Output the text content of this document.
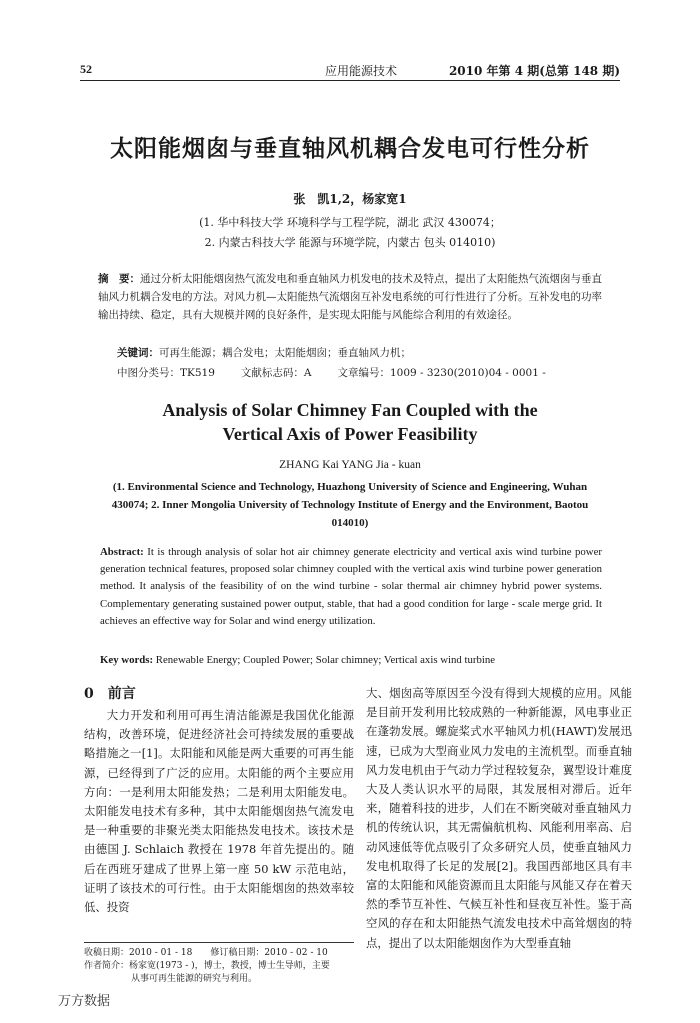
52	应用能源技术	2010 年第 4 期(总第 148 期)
太阳能烟囱与垂直轴风机耦合发电可行性分析
张　凯1,2，杨家宽1
(1. 华中科技大学 环境科学与工程学院，湖北 武汉 430074；
2. 内蒙古科技大学 能源与环境学院，内蒙古 包头 014010)
摘　要：通过分析太阳能烟囱热气流发电和垂直轴风力机发电的技术及特点，提出了太阳能热气流烟囱与垂直轴风力机耦合发电的方法。对风力机—太阳能热气流烟囱互补发电系统的可行性进行了分析。互补发电的功率输出持续、稳定，具有大规模并网的良好条件，是实现太阳能与风能综合利用的有效途径。
关键词：可再生能源；耦合发电；太阳能烟囱；垂直轴风力机；
中图分类号：TK519 文献标志码：A 文章编号：1009 - 3230(2010)04 - 0001 -
Analysis of Solar Chimney Fan Coupled with the
Vertical Axis of Power Feasibility
ZHANG Kai YANG Jia - kuan
(1. Environmental Science and Technology, Huazhong University of Science and Engineering, Wuhan 430074; 2. Inner Mongolia University of Technology Institute of Energy and the Environment, Baotou 014010)
Abstract: It is through analysis of solar hot air chimney generate electricity and vertical axis wind turbine power generation technical features, proposed solar chimney coupled with the vertical axis wind turbine power generation method. It analysis of the feasibility of on the wind turbine - solar thermal air chimney hybrid power systems. Complementary generating sustained power output, stable, that had a good condition for large - scale merge grid. It achieves an effective way for Solar and wind energy utilization.
Key words: Renewable Energy; Coupled Power; Solar chimney; Vertical axis wind turbine
0 前言

大力开发和利用可再生清洁能源是我国优化能源结构，改善环境，促进经济社会可持续发展的重要战略措施之一[1]。太阳能和风能是两大重要的可再生能源，已经得到了广泛的应用。太阳能的两个主要应用方向：一是利用太阳能发热；二是利用太阳能发电。太阳能发电技术有多种，其中太阳能烟囱热气流发电是一种重要的非聚光类太阳能热发电技术。该技术是由德国 J. Schlaich 教授在 1978 年首先提出的。随后在西班牙建成了世界上第一座 50 kW 示范电站，证明了该技术的可行性。由于太阳能烟囱的热效率较低、投资

大、烟囱高等原因至今没有得到大规模的应用。风能是目前开发利用比较成熟的一种新能源，风电事业正在蓬勃发展。螺旋桨式水平轴风力机(HAWT)发展迅速，已成为大型商业风力发电的主流机型。而垂直轴风力发电机由于气动力学过程较复杂，翼型设计难度大及人类认识水平的局限，其发展相对滞后。近年来，随着科技的进步，人们在不断突破对垂直轴风力机的传统认识，其无需偏航机构、风能利用率高、启动风速低等优点吸引了众多研究人员，使垂直轴风力发电机取得了长足的发展[2]。我国西部地区具有丰富的太阳能和风能资源而且太阳能与风能又存在着天然的季节互补性、气候互补性和昼夜互补性。鉴于高空风的存在和太阳能热气流发电技术中高耸烟囱的特点，提出了以太阳能烟囱作为大型垂直轴

收稿日期：2010 - 01 - 18　　修订稿日期：2010 - 02 - 10

作者简介：杨家宽(1973 - )，博士，教授，博士生导师，主要

从事可再生能源的研究与利用。

万方数据
